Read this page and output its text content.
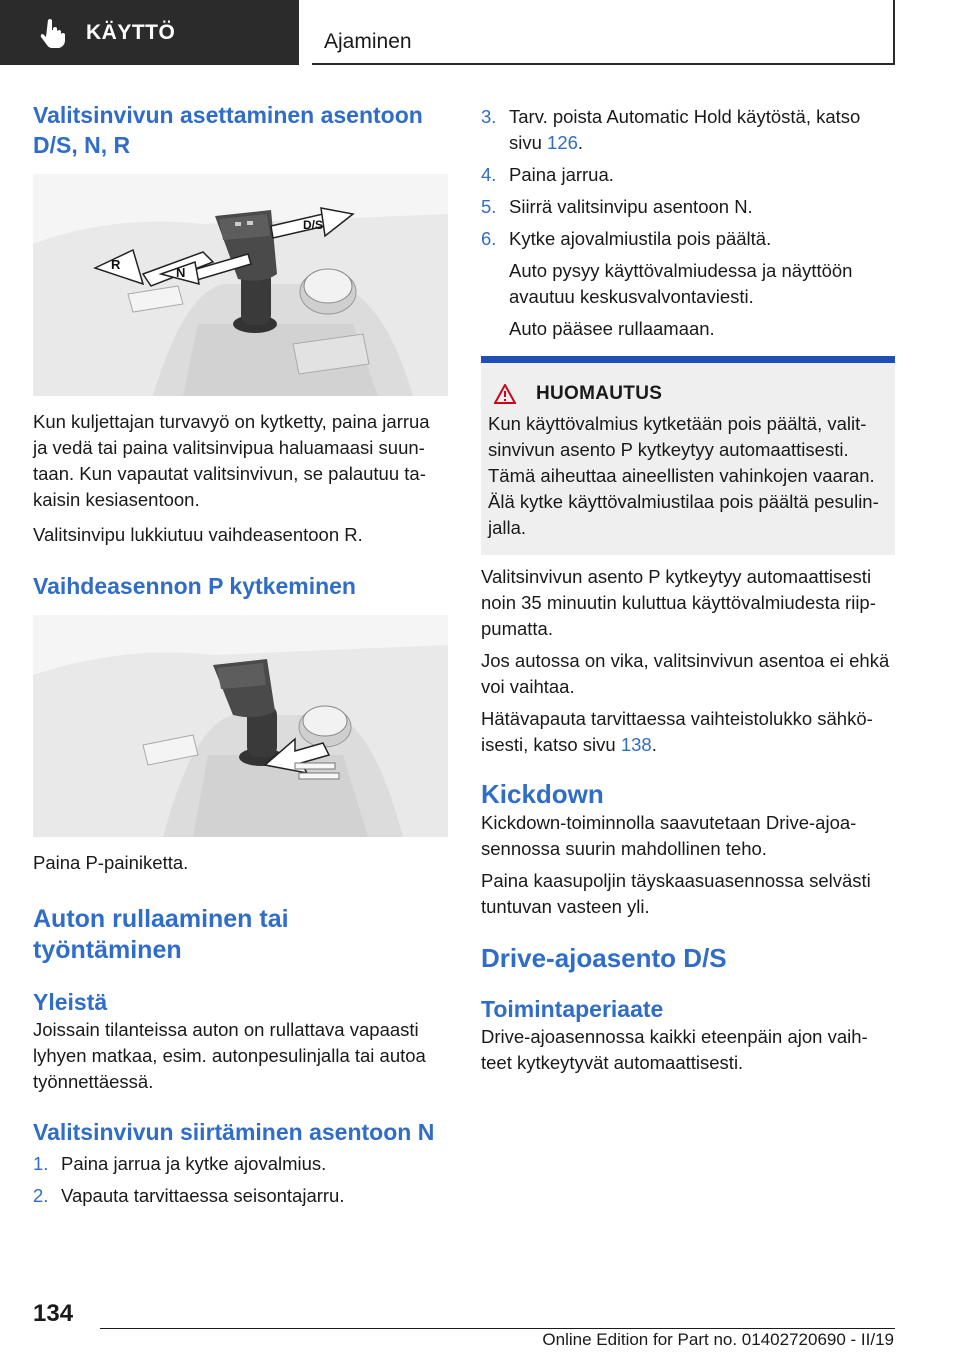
KÄYTTÖ	Ajaminen
Valitsinvivun asettaminen asentoon D/S, N, R
R
N
D/S

Kun kuljettajan turvavyö on kytketty, paina jarrua ja vedä tai paina valitsinvipua haluamaasi suun-taan. Kun vapautat valitsinvivun, se palautuu ta-kaisin kesiasentoon.

Valitsinvipu lukkiutuu vaihdeasentoon R.

Vaihdeasennon P kytkeminen

Paina P-painiketta.

Auton rullaaminen tai työntäminen
Yleistä

Joissain tilanteissa auton on rullattava vapaasti lyhyen matkaa, esim. autonpesulinjalla tai autoa työnnettäessä.

Valitsinvivun siirtäminen asentoon N
1. Paina jarrua ja kytke ajovalmius.
2. Vapauta tarvittaessa seisontajarru.
3. Tarv. poista Automatic Hold käytöstä, katso sivu 126.
4. Paina jarrua.
5. Siirrä valitsinvipu asentoon N.
6. Kytke ajovalmiustila pois päältä.

Auto pysyy käyttövalmiudessa ja näyttöön avautuu keskusvalvontaviesti.

Auto pääsee rullaamaan.

HUOMAUTUS

Kun käyttövalmius kytketään pois päältä, valit-sinvivun asento P kytkeytyy automaattisesti. Tämä aiheuttaa aineellisten vahinkojen vaaran. Älä kytke käyttövalmiustilaa pois päältä pesulin-jalla.

Valitsinvivun asento P kytkeytyy automaattisesti noin 35 minuutin kuluttua käyttövalmiudesta riip-pumatta.

Jos autossa on vika, valitsinvivun asentoa ei ehkä voi vaihtaa.

Hätävapauta tarvittaessa vaihteistolukko sähkö-isesti, katso sivu 138.

Kickdown

Kickdown-toiminnolla saavutetaan Drive-ajoa-sennossa suurin mahdollinen teho.

Paina kaasupoljin täyskaasuasennossa selvästi tuntuvan vasteen yli.

Drive-ajoasento D/S
Toimintaperiaate

Drive-ajoasennossa kaikki eteenpäin ajon vaih-teet kytkeytyvät automaattisesti.

134
Online Edition for Part no. 01402720690 - II/19
